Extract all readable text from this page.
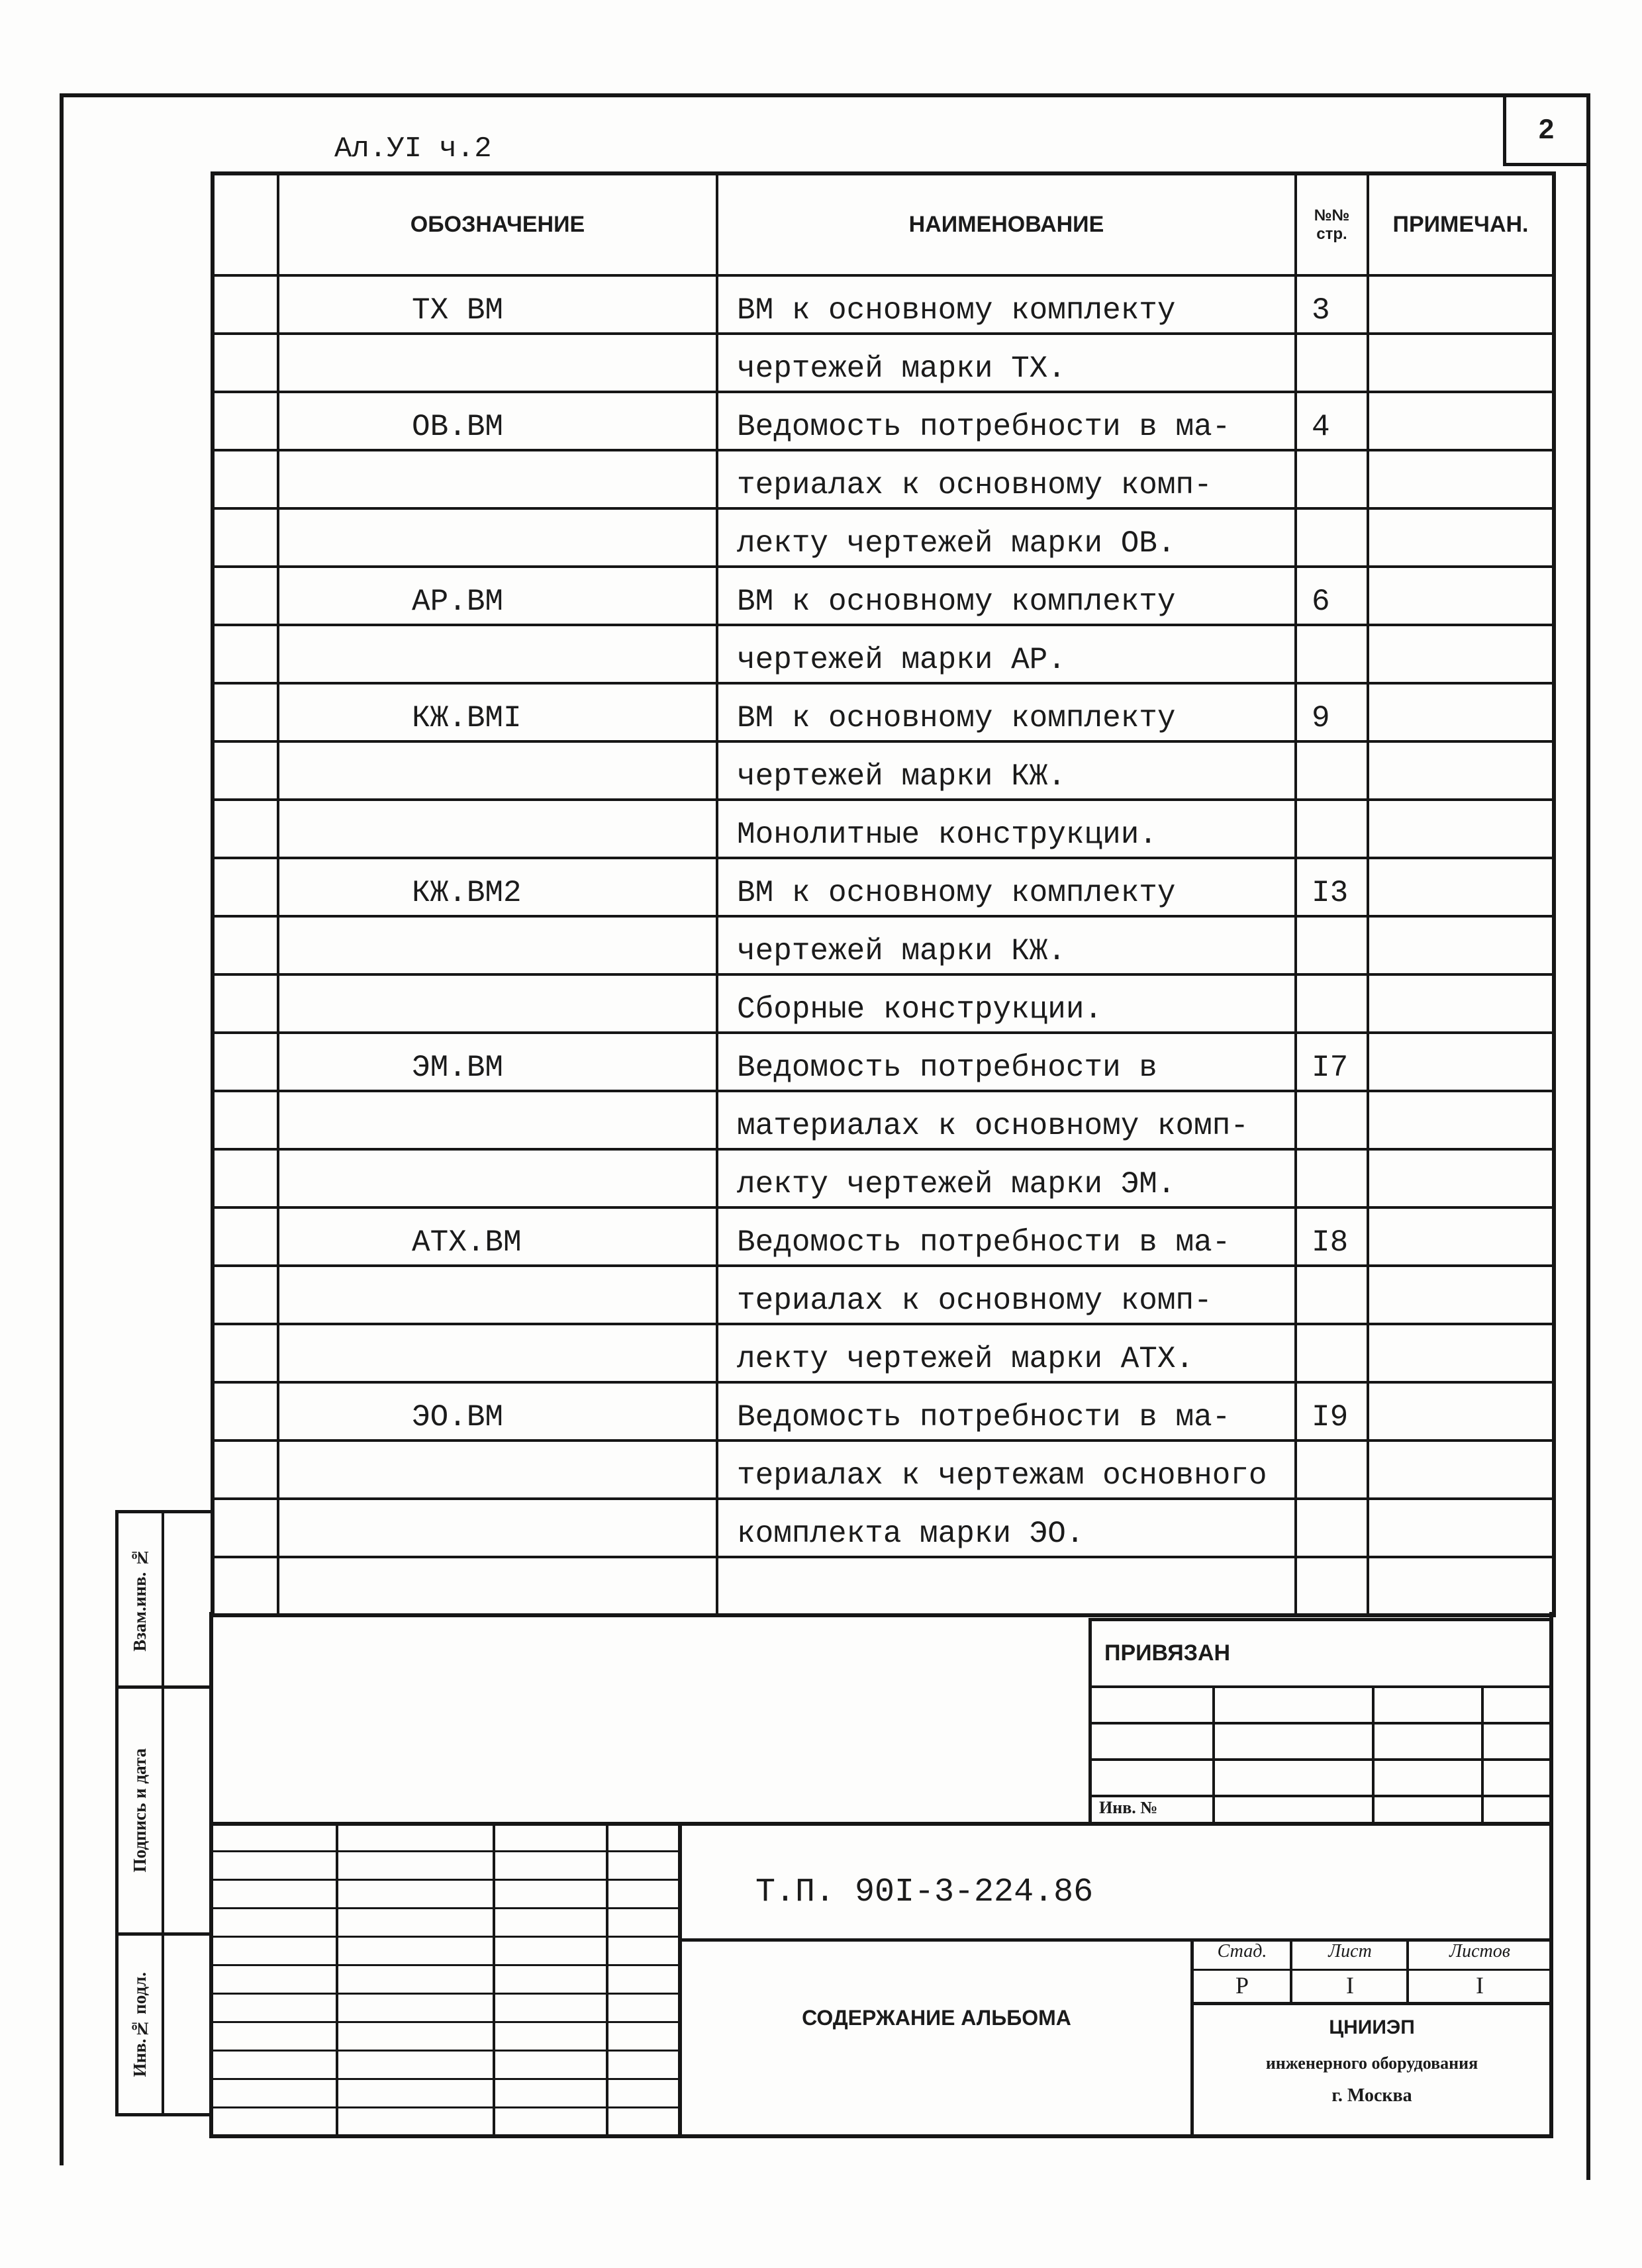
2
Ал.УI ч.2
	ОБОЗНАЧЕНИЕ	НАИМЕНОВАНИЕ	№№
стр.	ПРИМЕЧАН.
	ТХ ВМ	ВМ к основному комплекту	3	
		чертежей марки ТХ.		
	ОВ.ВМ	Ведомость потребности в ма-	4	
		териалах к основному комп-		
		лекту чертежей марки ОВ.		
	АР.ВМ	ВМ к основному комплекту	6	
		чертежей марки АР.		
	КЖ.ВМI	ВМ к основному комплекту	9	
		чертежей марки КЖ.		
		Монолитные конструкции.		
	КЖ.ВМ2	ВМ к основному комплекту	I3	
		чертежей марки КЖ.		
		Сборные конструкции.		
	ЭМ.ВМ	Ведомость потребности в	I7	
		материалах к основному комп-		
		лекту чертежей марки ЭМ.		
	АТХ.ВМ	Ведомость потребности в ма-	I8	
		териалах к основному комп-		
		лекту чертежей марки АТХ.		
	ЭО.ВМ	Ведомость потребности в ма-	I9	
		териалах к чертежам основного		
		комплекта марки ЭО.		

ПРИВЯЗАН
Инв. №
Т.П. 90I-3-224.86
СОДЕРЖАНИЕ АЛЬБОМА
Стад.	Лист	Листов
Р	I	I
ЦНИИЭП
инженерного оборудования
г. Москва
Взам.инв. №
Подпись и дата
Инв.№ подл.
